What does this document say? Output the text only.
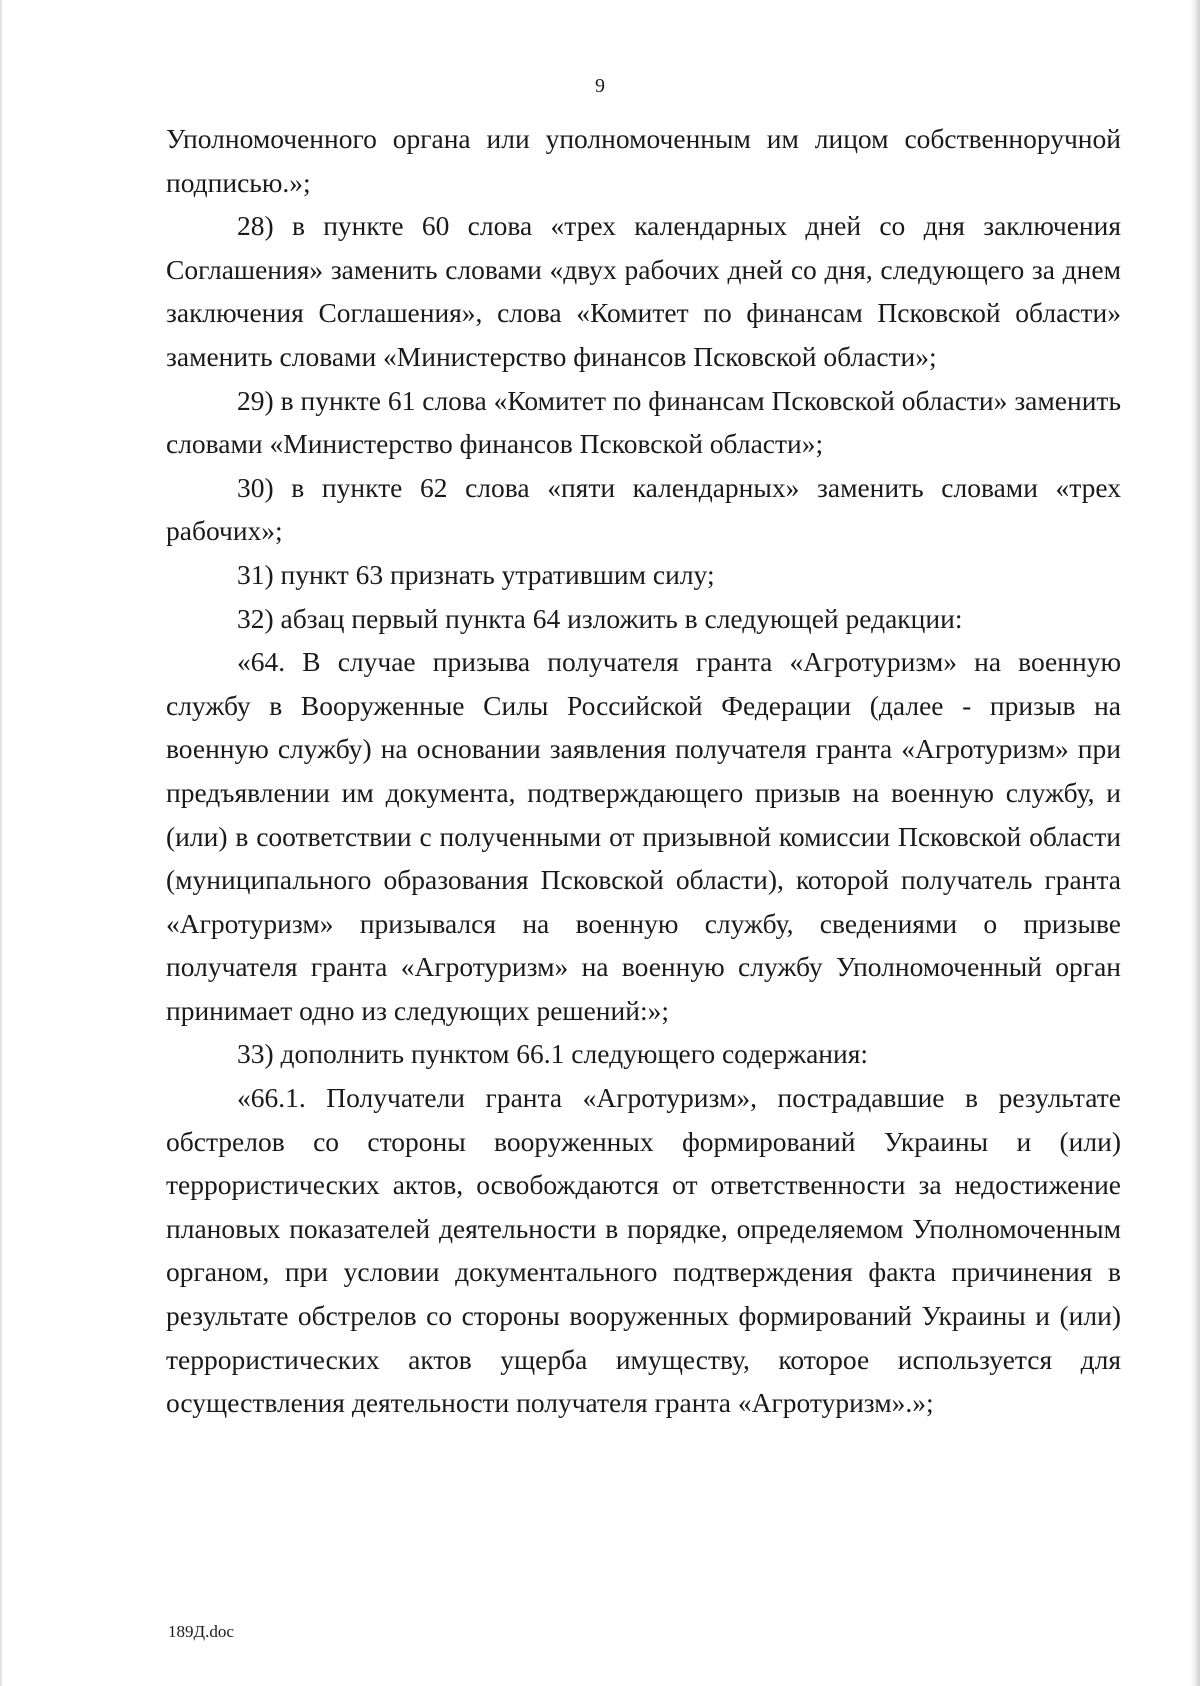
9

Уполномоченного органа или уполномоченным им лицом собственноручной подписью.»;

28) в пункте 60 слова «трех календарных дней со дня заключения Соглашения» заменить словами «двух рабочих дней со дня, следующего за днем заключения Соглашения», слова «Комитет по финансам Псковской области» заменить словами «Министерство финансов Псковской области»;

29) в пункте 61 слова «Комитет по финансам Псковской области» заменить словами «Министерство финансов Псковской области»;

30) в пункте 62 слова «пяти календарных» заменить словами «трех рабочих»;

31) пункт 63 признать утратившим силу;

32) абзац первый пункта 64 изложить в следующей редакции:

«64. В случае призыва получателя гранта «Агротуризм» на военную службу в Вооруженные Силы Российской Федерации (далее - призыв на военную службу) на основании заявления получателя гранта «Агротуризм» при предъявлении им документа, подтверждающего призыв на военную службу, и (или) в соответствии с полученными от призывной комиссии Псковской области (муниципального образования Псковской области), которой получатель гранта «Агротуризм» призывался на военную службу, сведениями о призыве получателя гранта «Агротуризм» на военную службу Уполномоченный орган принимает одно из следующих решений:»;

33) дополнить пунктом 66.1 следующего содержания:

«66.1. Получатели гранта «Агротуризм», пострадавшие в результате обстрелов со стороны вооруженных формирований Украины и (или) террористических актов, освобождаются от ответственности за недостижение плановых показателей деятельности в порядке, определяемом Уполномоченным органом, при условии документального подтверждения факта причинения в результате обстрелов со стороны вооруженных формирований Украины и (или) террористических актов ущерба имуществу, которое используется для осуществления деятельности получателя гранта «Агротуризм».»;

189Д.doc
